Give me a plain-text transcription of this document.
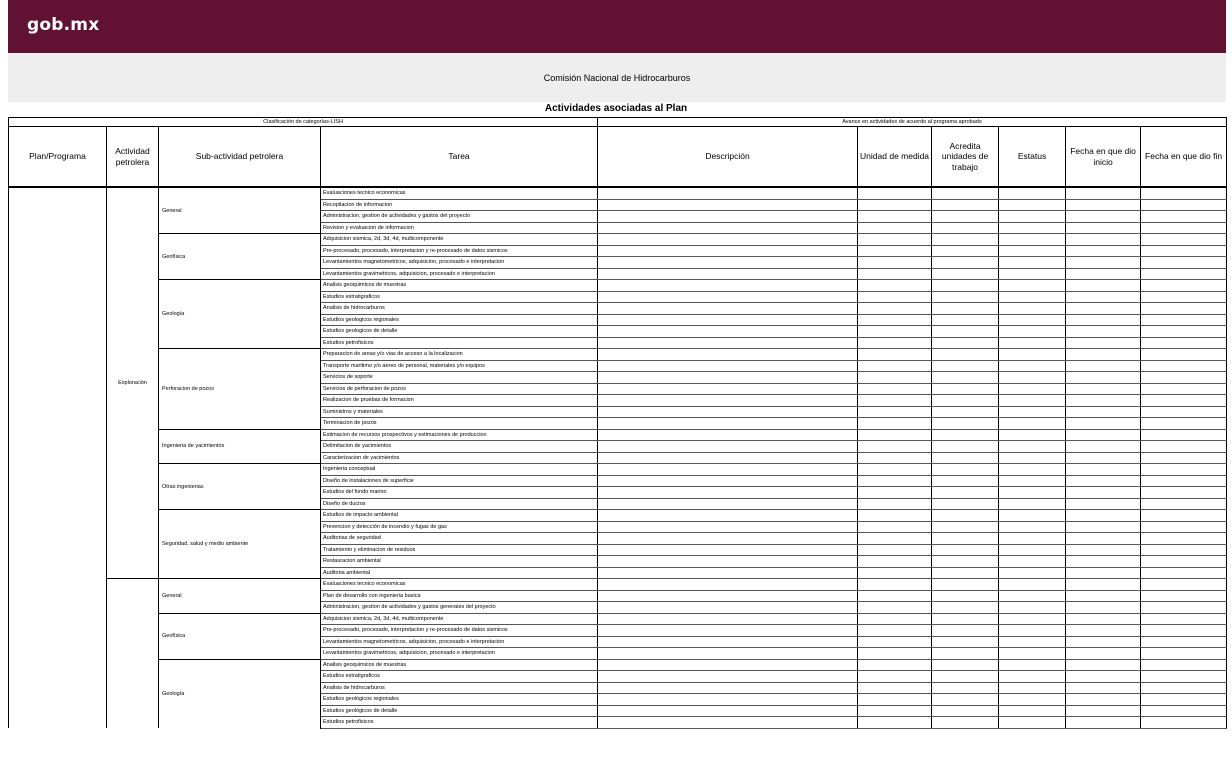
gob.mx
Comisión Nacional de Hidrocarburos
Actividades asociadas al Plan
Clasificación de categorías-LISH				Avance en actividades de acuerdo al programa aprobado					
Plan/Programa	Actividad petrolera	Sub-actividad petrolera	Tarea	Descripción	Unidad de medida	Acredita unidades de trabajo	Estatus	Fecha en que dio inicio	Fecha en que dio fin
	Exploración	General	Evaluaciones tecnico economicas						
			Recopilacion de informacion						
			Administracion, gestion de actividades y gastos del proyecto						
			Revision y evaluacion de informacion						
		Geofísica	Adquisicion sismica, 2d, 3d, 4d, multicomponente						
			Pre-procesado, procesado, interpretacion y re-procesado de datos sismicos						
			Levantamientos magnetometricos, adquisicion, procesado e interpretacion						
			Levantamientos gravimetricos, adquisicion, procesado e interpretacion						
		Geología	Analisis geoquimicos de muestras						
			Estudios estratigraficos						
			Analisis de hidrocarburos						
			Estudios geologicos regionales						
			Estudios geologicos de detalle						
			Estudios petrofisicos						
		Perforacion de pozos	Preparacion de areas y/o vias de acceso a la localizacion						
			Transporte maritimo y/o aereo de personal, materiales y/o equipos						
			Servicios de soporte						
			Servicios de perforacion de pozos						
			Realizacion de pruebas de formacion						
			Suministros y materiales						
			Terminacion de pozos						
		Ingenieria de yacimientos	Estimacion de recursos prospectivos y estimaciones de produccion						
			Delimitacion de yacimientos						
			Caracterizacion de yacimientos						
		Otras ingenierias	Ingenieria conceptual						
			Diseño de instalaciones de superficie						
			Estudios del fondo marino						
			Diseño de ductos						
		Seguridad, salud y medio ambiente	Estudios de impacto ambiental						
			Prevencion y detección de incendio y fugas de gas						
			Auditorias de seguridad						
			Tratamiento y eliminacion de residuos						
			Restauracion ambiental						
			Auditoria ambiental						
		General	Evaluaciones tecnico economicas						
			Plan de desarrollo con ingenieria basica						
			Administracion, gestion de actividades y gastos generales del proyecto						
		Geofísica	Adquisicion sismica, 2d, 3d, 4d, multicomponente						
			Pre-procesado, procesado, interpretacion y re-procesado de datos sismicos						
			Levantamientos magnetometricos, adquisicion, procesado e interpretacion						
			Levantamientos gravimetricos, adquisicion, procesado e interpretacion						
		Geología	Analisis geoquimicos de muestras						
			Estudios estratigraficos						
			Analisis de hidrocarburos						
			Estudios geológicos regionales						
			Estudios geológicos de detalle						
			Estudios petrofisicos						
